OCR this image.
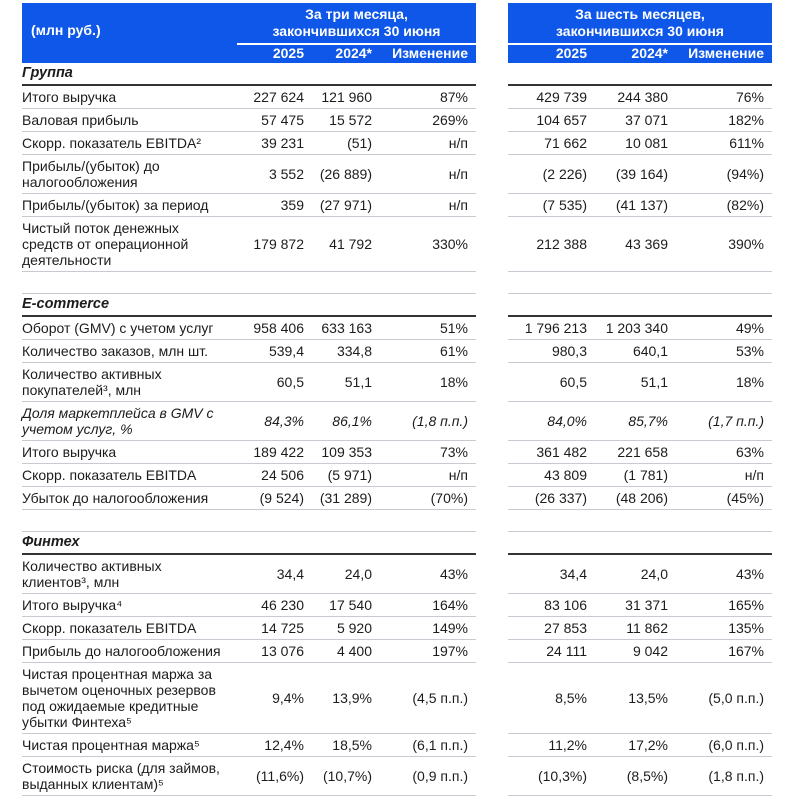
(млн руб.)	
За три месяца,
закончившихся 30 июня

За шесть месяцев,
закончившихся 30 июня

	2025	2024*	Изменение		2025	2024*	Изменение
Группа							
Итого выручка	227 624	121 960	87%		429 739	244 380	76%
Валовая прибыль	57 475	15 572	269%		104 657	37 071	182%
Скорр. показатель EBITDA²	39 231	(51)	н/п		71 662	10 081	611%
Прибыль/(убыток) до налогообложения	3 552	(26 889)	н/п		(2 226)	(39 164)	(94%)
Прибыль/(убыток) за период	359	(27 971)	н/п		(7 535)	(41 137)	(82%)
Чистый поток денежных средств от операционной деятельности	179 872	41 792	330%		212 388	43 369	390%

E-commerce							
Оборот (GMV) с учетом услуг	958 406	633 163	51%		1 796 213	1 203 340	49%
Количество заказов, млн шт.	539,4	334,8	61%		980,3	640,1	53%
Количество активных покупателей³, млн	60,5	51,1	18%		60,5	51,1	18%
Доля маркетплейса в GMV с учетом услуг, %	84,3%	86,1%	(1,8 п.п.)		84,0%	85,7%	(1,7 п.п.)
Итого выручка	189 422	109 353	73%		361 482	221 658	63%
Скорр. показатель EBITDA	24 506	(5 971)	н/п		43 809	(1 781)	н/п
Убыток до налогообложения	(9 524)	(31 289)	(70%)		(26 337)	(48 206)	(45%)

Финтех							
Количество активных клиентов³, млн	34,4	24,0	43%		34,4	24,0	43%
Итого выручка⁴	46 230	17 540	164%		83 106	31 371	165%
Скорр. показатель EBITDA	14 725	5 920	149%		27 853	11 862	135%
Прибыль до налогообложения	13 076	4 400	197%		24 111	9 042	167%
Чистая процентная маржа за вычетом оценочных резервов под ожидаемые кредитные убытки Финтеха⁵	9,4%	13,9%	(4,5 п.п.)		8,5%	13,5%	(5,0 п.п.)
Чистая процентная маржа⁵	12,4%	18,5%	(6,1 п.п.)		11,2%	17,2%	(6,0 п.п.)
Стоимость риска (для займов, выданных клиентам)⁵	(11,6%)	(10,7%)	(0,9 п.п.)		(10,3%)	(8,5%)	(1,8 п.п.)
